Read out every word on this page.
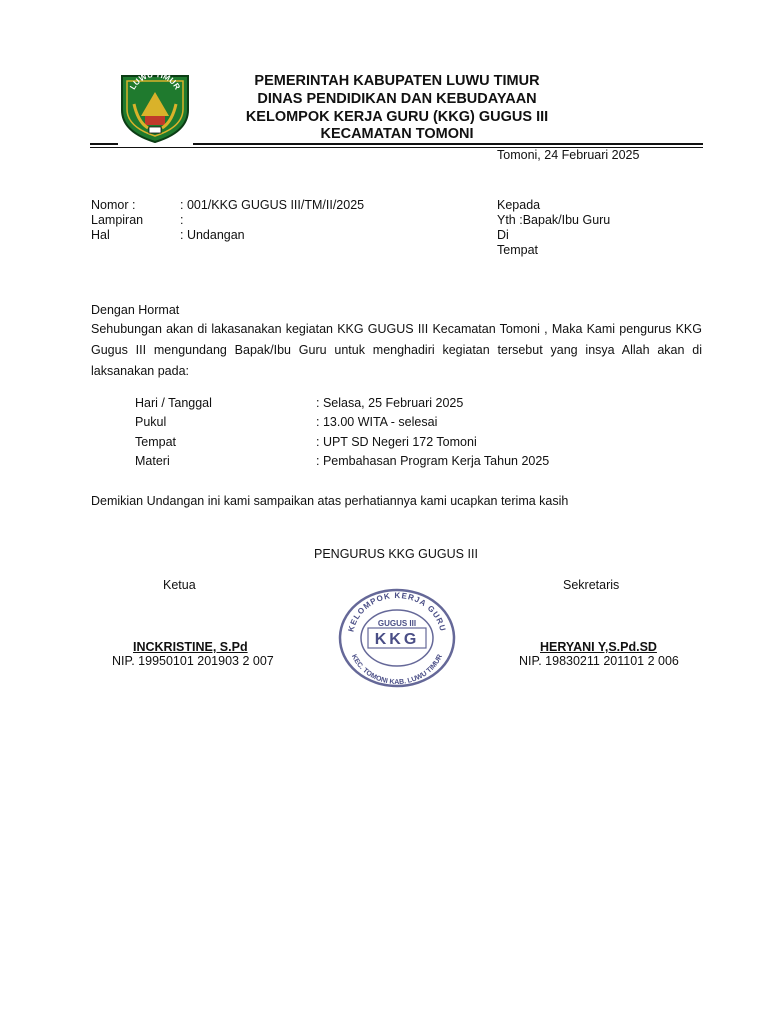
LUWU TIMUR	PEMERINTAH KABUPATEN LUWU TIMUR
DINAS PENDIDIKAN DAN KEBUDAYAAN
KELOMPOK KERJA GURU (KKG) GUGUS III
KECAMATAN TOMONI
Tomoni, 24 Februari 2025
Nomor :	: 001/KKG GUGUS III/TM/II/2025
Lampiran	:
Hal	: Undangan
Kepada
Yth :Bapak/Ibu Guru
Di
Tempat
Dengan Hormat
Sehubungan akan di lakasanakan kegiatan KKG GUGUS III Kecamatan Tomoni , Maka Kami pengurus KKG Gugus III mengundang Bapak/Ibu Guru untuk menghadiri kegiatan tersebut yang insya Allah akan di laksanakan pada:
Hari / Tanggal	: Selasa, 25 Februari 2025
Pukul	: 13.00 WITA - selesai
Tempat	: UPT SD Negeri 172 Tomoni
Materi	: Pembahasan Program Kerja Tahun 2025
Demikian Undangan ini kami sampaikan atas perhatiannya kami ucapkan terima kasih
PENGURUS KKG GUGUS III
Ketua	Sekretaris
INCKRISTINE, S.Pd
NIP. 19950101 201903 2 007
HERYANI Y,S.Pd.SD
NIP. 19830211 201101 2 006
KELOMPOK KERJA GURU
KEC. TOMONI KAB. LUWU TIMUR
GUGUS III
KKG
